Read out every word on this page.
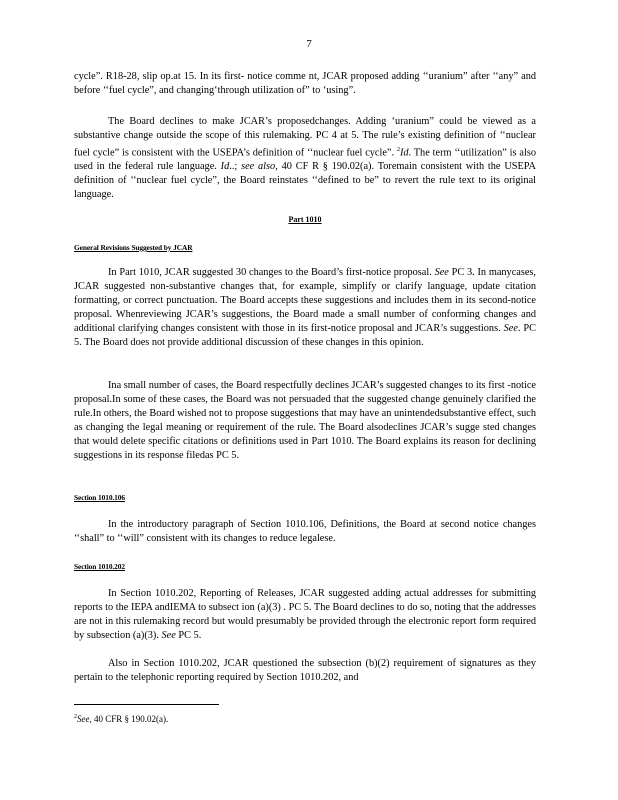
7

cycle”. R18-28, slip op.at 15. In its first- notice comme nt, JCAR proposed adding ‘‘uranium” after ‘‘any” and before ‘‘fuel cycle”, and changing‘through utilization of” to ‘using”.

The Board declines to make JCAR’s proposedchanges. Adding ‘uranium” could be viewed as a substantive change outside the scope of this rulemaking. PC 4 at 5. The rule’s existing definition of ‘‘nuclear fuel cycle” is consistent with the USEPA’s definition of ‘‘nuclear fuel cycle”. $^2$Id. The term ‘‘utilization” is also used in the federal rule language. Id..; see also, 40 CF R § 190.02(a). Toremain consistent with the USEPA definition of ‘‘nuclear fuel cycle”, the Board reinstates ‘‘defined to be” to revert the rule text to its original language.

Part 1010
General Revisions Suggested by JCAR

In Part 1010, JCAR suggested 30 changes to the Board’s first-notice proposal. See PC 3. In manycases, JCAR suggested non-substantive changes that, for example, simplify or clarify language, update citation formatting, or correct punctuation. The Board accepts these suggestions and includes them in its second-notice proposal. Whenreviewing JCAR’s suggestions, the Board made a small number of conforming changes and additional clarifying changes consistent with those in its first-notice proposal and JCAR’s suggestions. See. PC 5. The Board does not provide additional discussion of these changes in this opinion.

Ina small number of cases, the Board respectfully declines JCAR’s suggested changes to its first -notice proposal.In some of these cases, the Board was not persuaded that the suggested change genuinely clarified the rule.In others, the Board wished not to propose suggestions that may have an unintendedsubstantive effect, such as changing the legal meaning or requirement of the rule. The Board alsodeclines JCAR’s sugge sted changes that would delete specific citations or definitions used in Part 1010. The Board explains its reason for declining suggestions in its response filedas PC 5.

Section 1010.106

In the introductory paragraph of Section 1010.106, Definitions, the Board at second notice changes ‘‘shall” to ‘‘will” consistent with its changes to reduce legalese.

Section 1010.202

In Section 1010.202, Reporting of Releases, JCAR suggested adding actual addresses for submitting reports to the IEPA andIEMA to subsect ion (a)(3) . PC 5. The Board declines to do so, noting that the addresses are not in this rulemaking record but would presumably be provided through the electronic report form required by subsection (a)(3). See PC 5.

Also in Section 1010.202, JCAR questioned the subsection (b)(2) requirement of signatures as they pertain to the telephonic reporting required by Section 1010.202, and

$^2$See, 40 CFR § 190.02(a).
